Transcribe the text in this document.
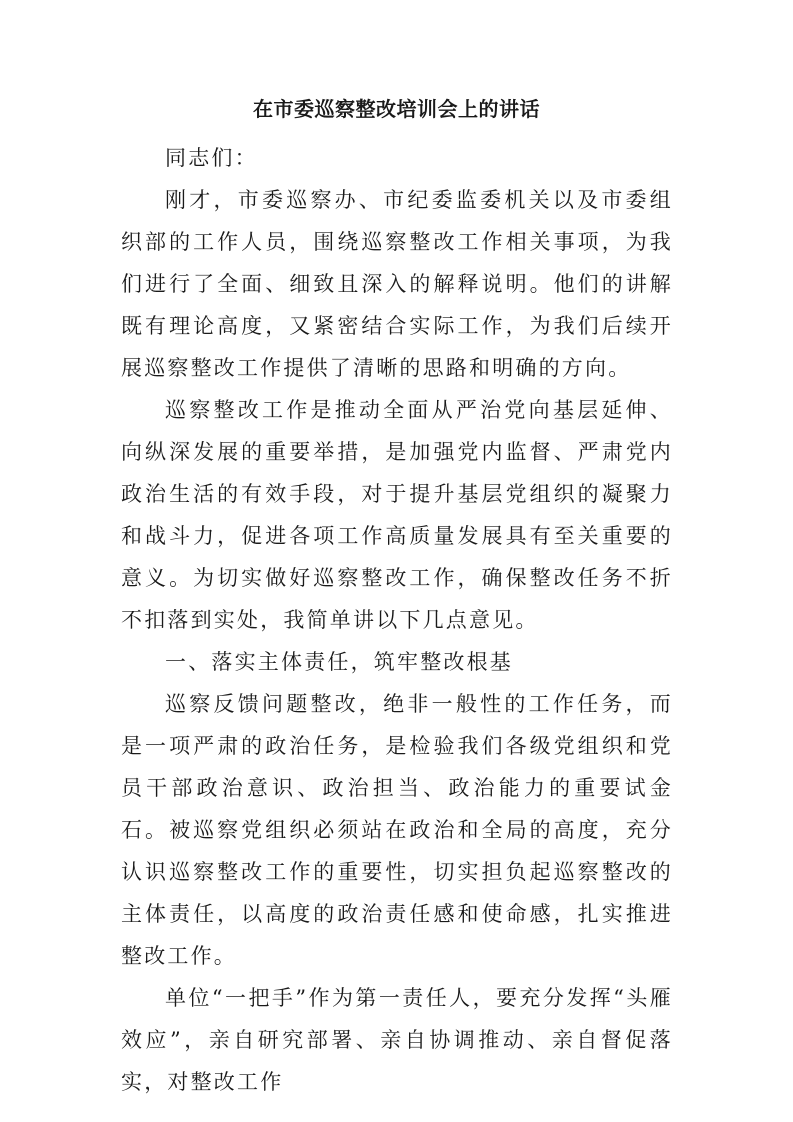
在市委巡察整改培训会上的讲话

同志们：

刚才，市委巡察办、市纪委监委机关以及市委组织部的工作人员，围绕巡察整改工作相关事项，为我们进行了全面、细致且深入的解释说明。他们的讲解既有理论高度，又紧密结合实际工作，为我们后续开展巡察整改工作提供了清晰的思路和明确的方向。

巡察整改工作是推动全面从严治党向基层延伸、向纵深发展的重要举措，是加强党内监督、严肃党内政治生活的有效手段，对于提升基层党组织的凝聚力和战斗力，促进各项工作高质量发展具有至关重要的意义。为切实做好巡察整改工作，确保整改任务不折不扣落到实处，我简单讲以下几点意见。

一、落实主体责任，筑牢整改根基

巡察反馈问题整改，绝非一般性的工作任务，而是一项严肃的政治任务，是检验我们各级党组织和党员干部政治意识、政治担当、政治能力的重要试金石。被巡察党组织必须站在政治和全局的高度，充分认识巡察整改工作的重要性，切实担负起巡察整改的主体责任，以高度的政治责任感和使命感，扎实推进整改工作。

单位“一把手”作为第一责任人，要充分发挥“头雁效应”，亲自研究部署、亲自协调推动、亲自督促落实，对整改工作
